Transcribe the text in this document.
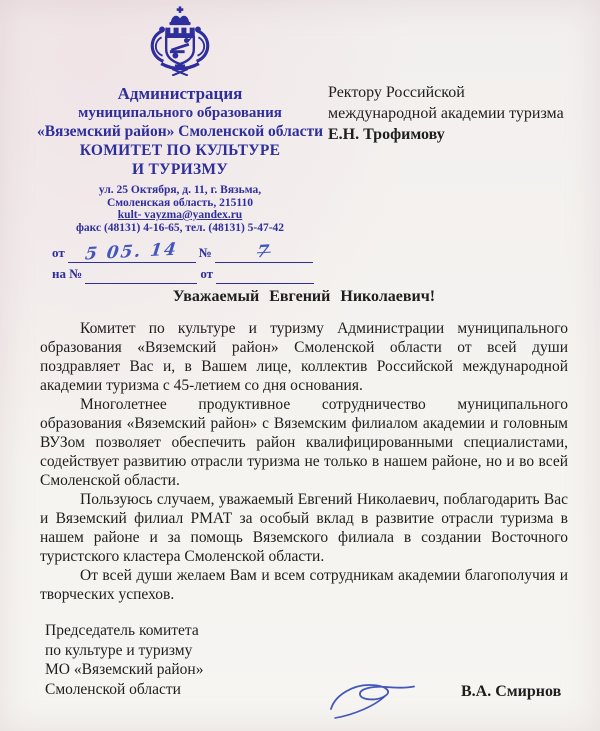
Администрация
муниципального образования
«Вяземский район» Смоленской области
КОМИТЕТ ПО КУЛЬТУРЕ
И ТУРИЗМУ
ул. 25 Октября, д. 11, г. Вязьма,
Смоленская область, 215110
kult- vayzma@yandex.ru
факс (48131) 4-16-65, тел. (48131) 5-47-42
от 5 05. 14 №	7
на №	от
Ректору Российской
международной академии туризма
Е.Н. Трофимову
Уважаемый Евгений Николаевич!

Комитет по культуре и туризму Администрации муниципального образования «Вяземский район» Смоленской области от всей души поздравляет Вас и, в Вашем лице, коллектив Российской международной академии туризма с 45-летием со дня основания.

Многолетнее продуктивное сотрудничество муниципального образования «Вяземский район» с Вяземским филиалом академии и головным ВУЗом позволяет обеспечить район квалифицированными специалистами, содействует развитию отрасли туризма не только в нашем районе, но и во всей Смоленской области.

Пользуюсь случаем, уважаемый Евгений Николаевич, поблагодарить Вас и Вяземский филиал РМАТ за особый вклад в развитие отрасли туризма в нашем районе и за помощь Вяземского филиала в создании Восточного туристского кластера Смоленской области.

От всей души желаем Вам и всем сотрудникам академии благополучия и творческих успехов.

Председатель комитета
по культуре и туризму
МО «Вяземский район»
Смоленской области	В.А. Смирнов
